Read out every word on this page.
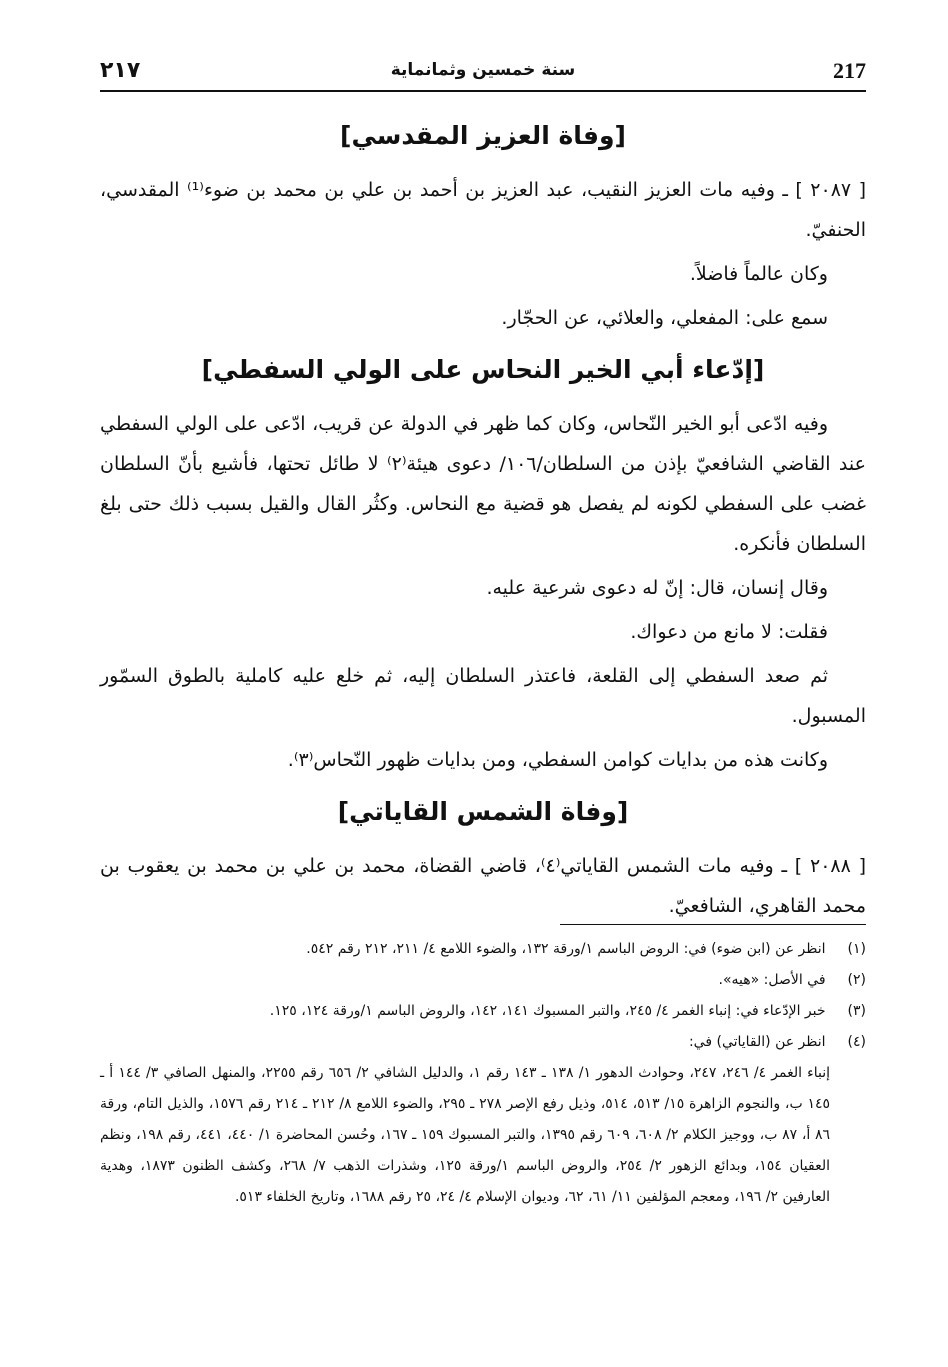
217
سنة خمسين وثمانماية
٢١٧
[وفاة العزيز المقدسي]

[ ٢٠٨٧ ] ـ وفيه مات العزيز النقيب، عبد العزيز بن أحمد بن علي بن محمد بن ضوء⁽¹⁾ المقدسي، الحنفيّ.

وكان عالماً فاضلاً.

سمع على: المفعلي، والعلائي، عن الحجّار.

[إدّعاء أبي الخير النحاس على الولي السفطي]

وفيه ادّعى أبو الخير النّحاس، وكان كما ظهر في الدولة عن قريب، ادّعى على الولي السفطي عند القاضي الشافعيّ بإذن من السلطان/١٠٦/ دعوى هيئة⁽٢⁾ لا طائل تحتها، فأشيع بأنّ السلطان غضب على السفطي لكونه لم يفصل هو قضية مع النحاس. وكثُر القال والقيل بسبب ذلك حتى بلغ السلطان فأنكره.

وقال إنسان، قال: إنّ له دعوى شرعية عليه.

فقلت: لا مانع من دعواك.

ثم صعد السفطي إلى القلعة، فاعتذر السلطان إليه، ثم خلع عليه كاملية بالطوق السمّور المسبول.

وكانت هذه من بدايات كوامن السفطي، ومن بدايات ظهور النّحاس⁽٣⁾.

[وفاة الشمس القاياتي]

[ ٢٠٨٨ ] ـ وفيه مات الشمس القاياتي⁽٤⁾، قاضي القضاة، محمد بن علي بن محمد بن يعقوب بن محمد القاهري، الشافعيّ.

(١) انظر عن (ابن ضوء) في: الروض الباسم ١/ورقة ١٣٢، والضوء اللامع ٤/ ٢١١، ٢١٢ رقم ٥٤٢.

(٢) في الأصل: «هيه».

(٣) خبر الإدّعاء في: إنباء الغمر ٤/ ٢٤٥، والتبر المسبوك ١٤١، ١٤٢، والروض الباسم ١/ورقة ١٢٤، ١٢٥.

(٤) انظر عن (القاياتي) في:

إنباء الغمر ٤/ ٢٤٦، ٢٤٧، وحوادث الدهور ١/ ١٣٨ ـ ١٤٣ رقم ١، والدليل الشافي ٢/ ٦٥٦ رقم ٢٢٥٥، والمنهل الصافي ٣/ ١٤٤ أ ـ ١٤٥ ب، والنجوم الزاهرة ١٥/ ٥١٣، ٥١٤، وذيل رفع الإصر ٢٧٨ ـ ٢٩٥، والضوء اللامع ٨/ ٢١٢ ـ ٢١٤ رقم ١٥٧٦، والذيل التام، ورقة ٨٦ أ، ٨٧ ب، ووجيز الكلام ٢/ ٦٠٨، ٦٠٩ رقم ١٣٩٥، والتبر المسبوك ١٥٩ ـ ١٦٧، وحُسن المحاضرة ١/ ٤٤٠، ٤٤١، رقم ١٩٨، ونظم العقيان ١٥٤، وبدائع الزهور ٢/ ٢٥٤، والروض الباسم ١/ورقة ١٢٥، وشذرات الذهب ٧/ ٢٦٨، وكشف الظنون ١٨٧٣، وهدية العارفين ٢/ ١٩٦، ومعجم المؤلفين ١١/ ٦١، ٦٢، وديوان الإسلام ٤/ ٢٤، ٢٥ رقم ١٦٨٨، وتاريخ الخلفاء ٥١٣.
